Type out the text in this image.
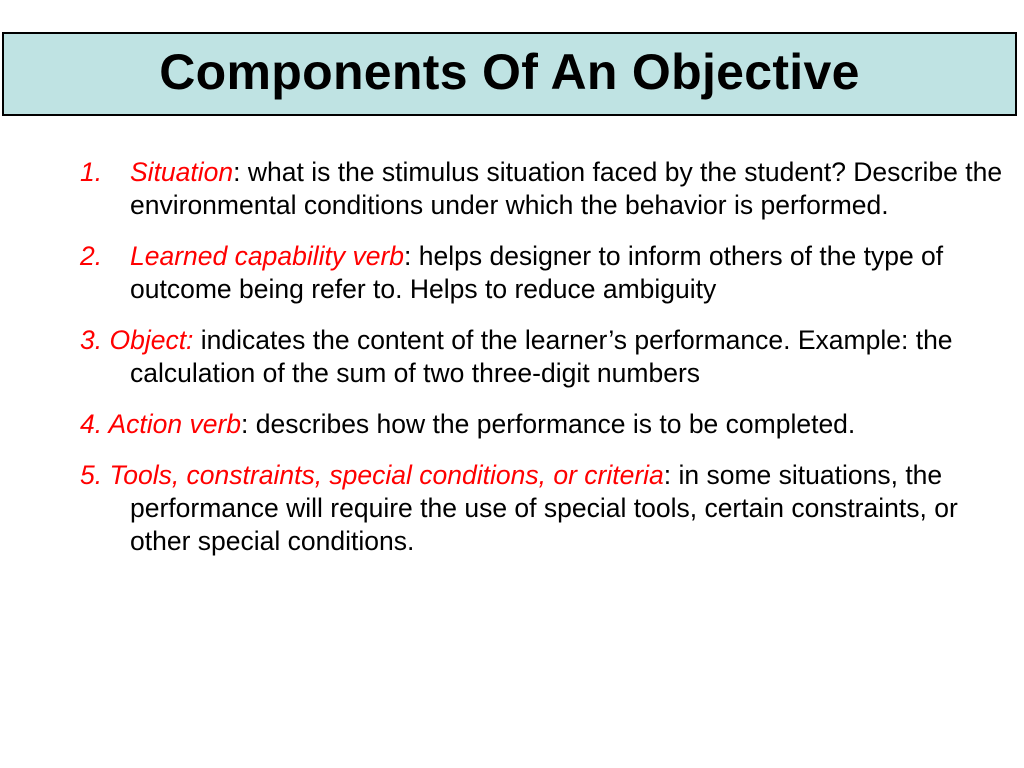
Components Of An Objective
1. Situation: what is the stimulus situation faced by the student? Describe the environmental conditions under which the behavior is performed.
2. Learned capability verb: helps designer to inform others of the type of outcome being refer to. Helps to reduce ambiguity
3. Object: indicates the content of the learner’s performance. Example: the calculation of the sum of two three-digit numbers
4. Action verb: describes how the performance is to be completed.
5. Tools, constraints, special conditions, or criteria: in some situations, the performance will require the use of special tools, certain constraints, or other special conditions.
